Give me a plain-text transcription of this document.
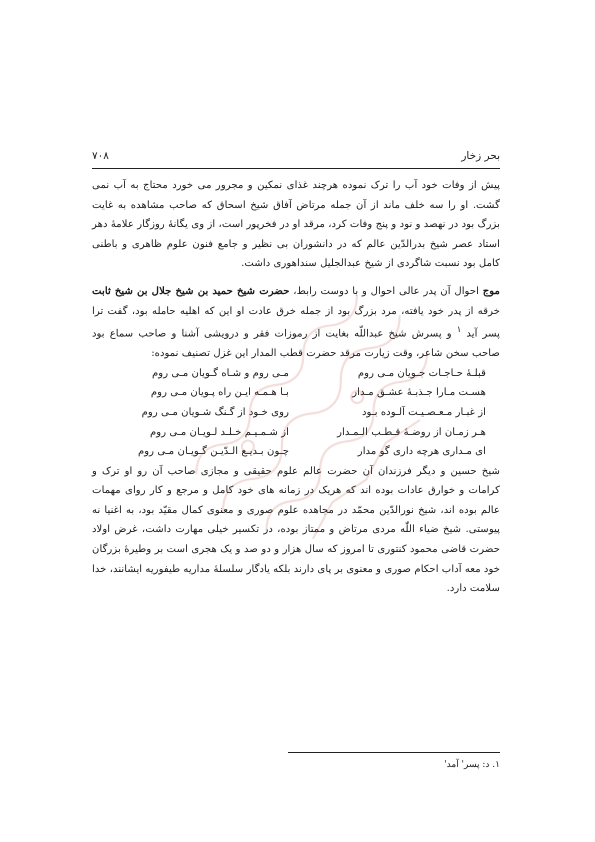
بحر زخار
۷۰۸

پیش از وفات خود آب را ترک نموده هرچند غذای نمکین و مجرور می خورد محتاج به آب نمی گشت. او را سه خلف ماند از آن جمله مرتاض آفاق شیخ اسحاق که صاحب مشاهده به غایت بزرگ بود در نهصد و نود و پنج وفات کرد، مرقد او در فخرپور است، از وی یگانهٔ روزگار علامهٔ دهر استاد عصر شیخ بدرالدّین عالم که در دانشوران بی نظیر و جامع فنون علوم ظاهری و باطنی کامل بود نسبت شاگردی از شیخ عبدالجلیل سنداهوری داشت.

موج احوال آن پدر عالی احوال و با دوست رابط، حضرت شیخ حمید بن شیخ جلال بن شیخ ثابت خرقه از پدر خود یافته، مرد بزرگ بود از جمله خرق عادت او این که اهلیه حامله بود، گفت ترا پسر آید $^۱$ و پسرش شیخ عبداللّه بغایت از رموزات فقر و درویشی آشنا و صاحب سماع بود صاحب سخن شاعر، وقت زیارت مرقد حضرت قطب المدار این غزل تصنیف نموده:

قبلـهٔ حـاجـات جـویان مـی روم
مـی روم و شـاه گـویان مـی روم
هسـت مـارا جـذبـهٔ عشـق مـدار
بـا هـمـه ایـن راه پـویان مـی روم
از غبـار مـعـصـیـت آلـوده بـود
روی خـود از گـنگ شـویان مـی روم
هـر زمـان از روضـهٔ قـطـب الـمـدار
از شـمـیـم خـلـد لـویـان مـی روم
ای مـداری هرچه داری گو مدار
چـون بـدیـع الـدّیـن گـویـان مـی روم

شیخ حسین و دیگر فرزندان آن حضرت عالم علوم حقیقی و مجازی صاحب آن رو او ترک و کرامات و خوارق عادات بوده اند که هریک در زمانه های خود کامل و مرجع و کار روای مهمات عالم بوده اند، شیخ نورالدّین محمّد در مجاهده علوم صوری و معنوی کمال مقیّد بود، به اغنیا نه پیوستی. شیخ ضیاء اللّٰه مردی مرتاض و ممتاز بوده، در تکسیر خیلی مهارت داشت، غرض اولاد حضرت قاضی محمود کنتوری تا امروز که سال هزار و دو صد و یک هجری است بر وطیرهٔ بزرگان خود معه آداب احکام صوری و معنوی بر پای دارند بلکه یادگار سلسلهٔ مداریه طیفوریه ایشانند، خدا سلامت دارد.

۱. د: پسر' آمد'
